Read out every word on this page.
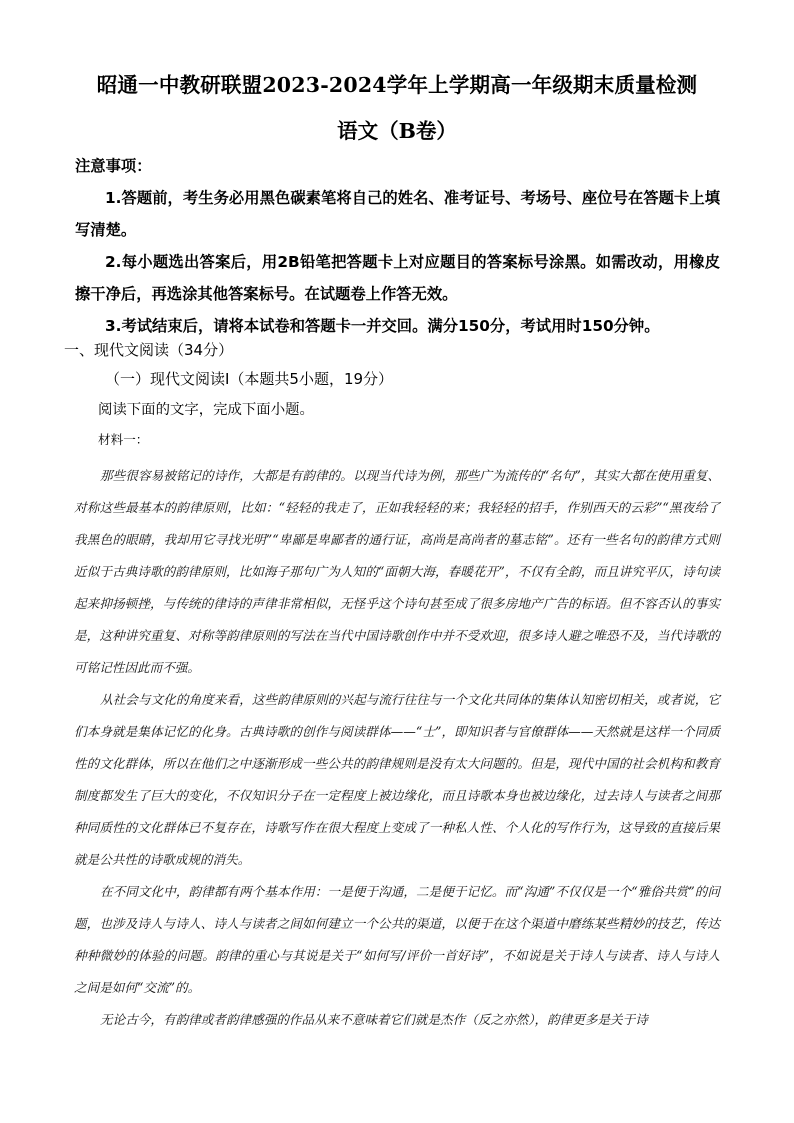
昭通一中教研联盟2023-2024学年上学期高一年级期末质量检测
语文（B卷）

注意事项：

1.答题前，考生务必用黑色碳素笔将自己的姓名、准考证号、考场号、座位号在答题卡上填写清楚。

2.每小题选出答案后，用2B铅笔把答题卡上对应题目的答案标号涂黑。如需改动，用橡皮擦干净后，再选涂其他答案标号。在试题卷上作答无效。

3.考试结束后，请将本试卷和答题卡一并交回。满分150分，考试用时150分钟。

一、现代文阅读（34分）
（一）现代文阅读Ⅰ（本题共5小题，19分）
阅读下面的文字，完成下面小题。
材料一：

那些很容易被铭记的诗作，大都是有韵律的。以现当代诗为例，那些广为流传的“名句”，其实大都在使用重复、对称这些最基本的韵律原则，比如：“轻轻的我走了，正如我轻轻的来；我轻轻的招手，作别西天的云彩”“黑夜给了我黑色的眼睛，我却用它寻找光明”“卑鄙是卑鄙者的通行证，高尚是高尚者的墓志铭”。还有一些名句的韵律方式则近似于古典诗歌的韵律原则，比如海子那句广为人知的“面朝大海，春暖花开”，不仅有全韵，而且讲究平仄，诗句读起来抑扬顿挫，与传统的律诗的声律非常相似，无怪乎这个诗句甚至成了很多房地产广告的标语。但不容否认的事实是，这种讲究重复、对称等韵律原则的写法在当代中国诗歌创作中并不受欢迎，很多诗人避之唯恐不及，当代诗歌的可铭记性因此而不强。

从社会与文化的角度来看，这些韵律原则的兴起与流行往往与一个文化共同体的集体认知密切相关，或者说，它们本身就是集体记忆的化身。古典诗歌的创作与阅读群体——“士”，即知识者与官僚群体——天然就是这样一个同质性的文化群体，所以在他们之中逐渐形成一些公共的韵律规则是没有太大问题的。但是，现代中国的社会机构和教育制度都发生了巨大的变化，不仅知识分子在一定程度上被边缘化，而且诗歌本身也被边缘化，过去诗人与读者之间那种同质性的文化群体已不复存在，诗歌写作在很大程度上变成了一种私人性、个人化的写作行为，这导致的直接后果就是公共性的诗歌成规的消失。

在不同文化中，韵律都有两个基本作用：一是便于沟通，二是便于记忆。而“沟通”不仅仅是一个“雅俗共赏”的问题，也涉及诗人与诗人、诗人与读者之间如何建立一个公共的渠道，以便于在这个渠道中磨练某些精妙的技艺，传达种种微妙的体验的问题。韵律的重心与其说是关于“如何写/评价一首好诗”，不如说是关于诗人与读者、诗人与诗人之间是如何“交流”的。

无论古今，有韵律或者韵律感强的作品从来不意味着它们就是杰作（反之亦然），韵律更多是关于诗
